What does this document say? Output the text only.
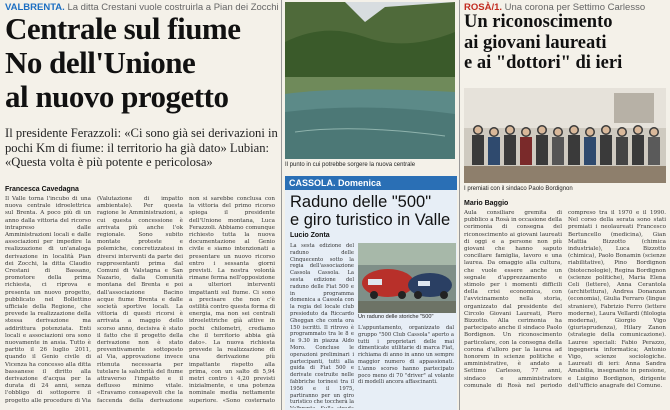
VALBRENTA. La ditta Crestani vuole costruirla a Pian dei Zocchi
Centrale sul fiume
No dell'Unione
al nuovo progetto
Il presidente Ferazzoli: «Ci sono già sei derivazioni in pochi Km di fiume: il territorio ha già dato» Lubian: «Questa volta è più potente e pericolosa»
Francesca Cavedagna
Il Valle torna l'incubo di una nuova centrale idroelettrica sul Brenta. A poco più di un anno dalla vittoria del ricorso intrapreso dalle Amministrazioni locali e dalle associazioni per impedire la realizzazione di un'analoga derivazione in località Pian dei Zocchi, la ditta Claudio Crestani di Bassano, promotore della prima richiesta, ci riprova e presenta un nuovo progetto, pubblicato nel Bollettino ufficiale della Regione, che prevede la realizzazione della stessa derivazione ma addirittura potenziata. Enti locali e associazioni ora sono nuovamente in ansia. Tutto è partito il 26 luglio 2011, quando il Genio civile di Vicenza ha concesso alla ditta bassanese il diritto alla derivazione d'acqua per la durata di 24 anni, senza l'obbligo di sottoporre il progetto alle procedure di Via (Valutazione di impatto ambientale). Per questa ragione le Amministrazioni, a cui questa concessione è arrivata più anche l'ok regionale. Sono subito montate proteste e polemiche, concretizzatesi in diversi interventi da parte dei rappresentanti prima dal Comuni di Valstagna e San Nazario, dalla Comunità montana del Brenta e poi dall'associazione Bacino acque fiume Brenta e dalle società sportive locali. La vittoria di questi ricorsi è arrivata a maggio dello scorso anno, decisiva è stato il fatto che il progetto della derivazione non è stato preventivamente sottoposto al Via, approvazione invece ritenuta necessaria per tutelare la salubrità del fiume attraverso l'impatto e il deflusso minimo vitale. «Eravamo consapevoli che la faccenda della derivazione non si sarebbe conclusa con la vittoria del primo ricorso spiega il presidente dell'Unione montana, Luca Ferazzoli. Abbiamo comunque richiesto tutta la nuova documentazione al Genio civile e siamo intenzionati a presentare un nuovo ricorso entro i sessanta giorni previsti. La nostra volontà rimane ferma nell'opposizione a ulteriori interventi impattanti sul fiume. Ci sono a precisare che non c'è ostilità contro questa forma di energia, ma non sei centrali idroelettriche già attive in pochi chilometri, crediamo che il territorio abbia già dato». La nuova richiesta prevede la realizzazione di una derivazione più impattante rispetto alla prima, con un salto di 5,94 metri contro i 4,20 previsti inizialmente, e una potenza nominale media nettamente superiore. «Sono costernato
Il punto in cui potrebbe sorgere la nuova centrale
CASSOLA. Domenica
Raduno delle "500"
e giro turistico in Valle
Lucio Zonta
La sesta edizione del raduno delle Cinquecento sotto la regia dell'associazione Cassola Cassola. La sesta edizione del raduno delle Fiat 500 e in programma domenica a Cassola con la regia del locale club presieduto da Riccardo Gheggan che conta ora 150 iscritti. Il ritrovo è programmato tra le 8 e le 9.30 in piazza Aldo Moro. Concluse le operazioni preliminari i partecipanti, tutti alla guida di Fiat 500 e derivate costruite nelle fabbriche torinesi tra il 1956 e il 1975, partiranno per un giro turistico che toccherà la
Un raduno delle storiche "500"
L'appuntamento, organizzato dal gruppo "500 Club Cassola" aperto a tutti i proprietari delle mai dimenticate utilitarie di marca Fiat, richiama di anno in anno un sempre maggior numero di appassionati. L'anno scorso hanno partecipato poco meno di 70 "driver" al volante di modelli ancora affascinanti.
ROSÀ/1. Una corona per Settimo Carlesso
Un riconoscimento
ai giovani laureati
e ai "dottori" di ieri
I premiati con il sindaco Paolo Bordignon
Mario Baggio
Aula consiliare gremita di pubblico a Rosà in occasione della cerimonia di consegna del riconoscimento ai giovani laureati di oggi e a persone non più giovani che hanno saputo conciliare famiglia, lavoro e una laurea. Da omaggio alla cultura, che vuole essere anche un segnale d'apprezzamento e stimolo per i momenti difficili della crisi economica, con l'avvicinamento nella storia, organizzato dal presidente del Circolo Giovani Laureati, Piero Bizzotto. Alla cerimonia ha partecipato anche il sindaco Paolo Bordignon. Un riconoscimento particolare, con la consegna della corona d'alloro per la laurea ad honorem in scienze politiche e amministrative, è andato a Settimo Carlesso, 77 anni, sindaco e amministratore comunale di Rosà nel periodo compreso tra il 1970 e il 1990. Nel corso della serata sono stati premiati i neolaureati Francesco Bertuncello (medicina), Gian Mattia Bizzotto (chimica industriale), Luca Bizzotto (chimica), Paolo Bonamin (scienze riabilitative), Pino Bordignon (biotecnologie), Regina Bordignon (scienze politiche), Maria Elena Celi (lettere), Anna Cerantola (architettura), Andrea Donanzan (economia), Giulia Ferraro (lingue straniere), Fabrizio Ferro (lettere moderne), Laura Vellardi (filologia moderna), Giorgio Vigo (giurisprudenza), Hilary Zanon (strategie della comunicazione). Lauree speciali: Fabio Perazzo, ingegneria informatica; Antonio Vigo, scienze sociologiche. Laureati di ieri: Anna Sandra Amabilia, insegnante in pensione, e Luigino Bordignon, dirigente dell'ufficio anagrafe del Comune.
